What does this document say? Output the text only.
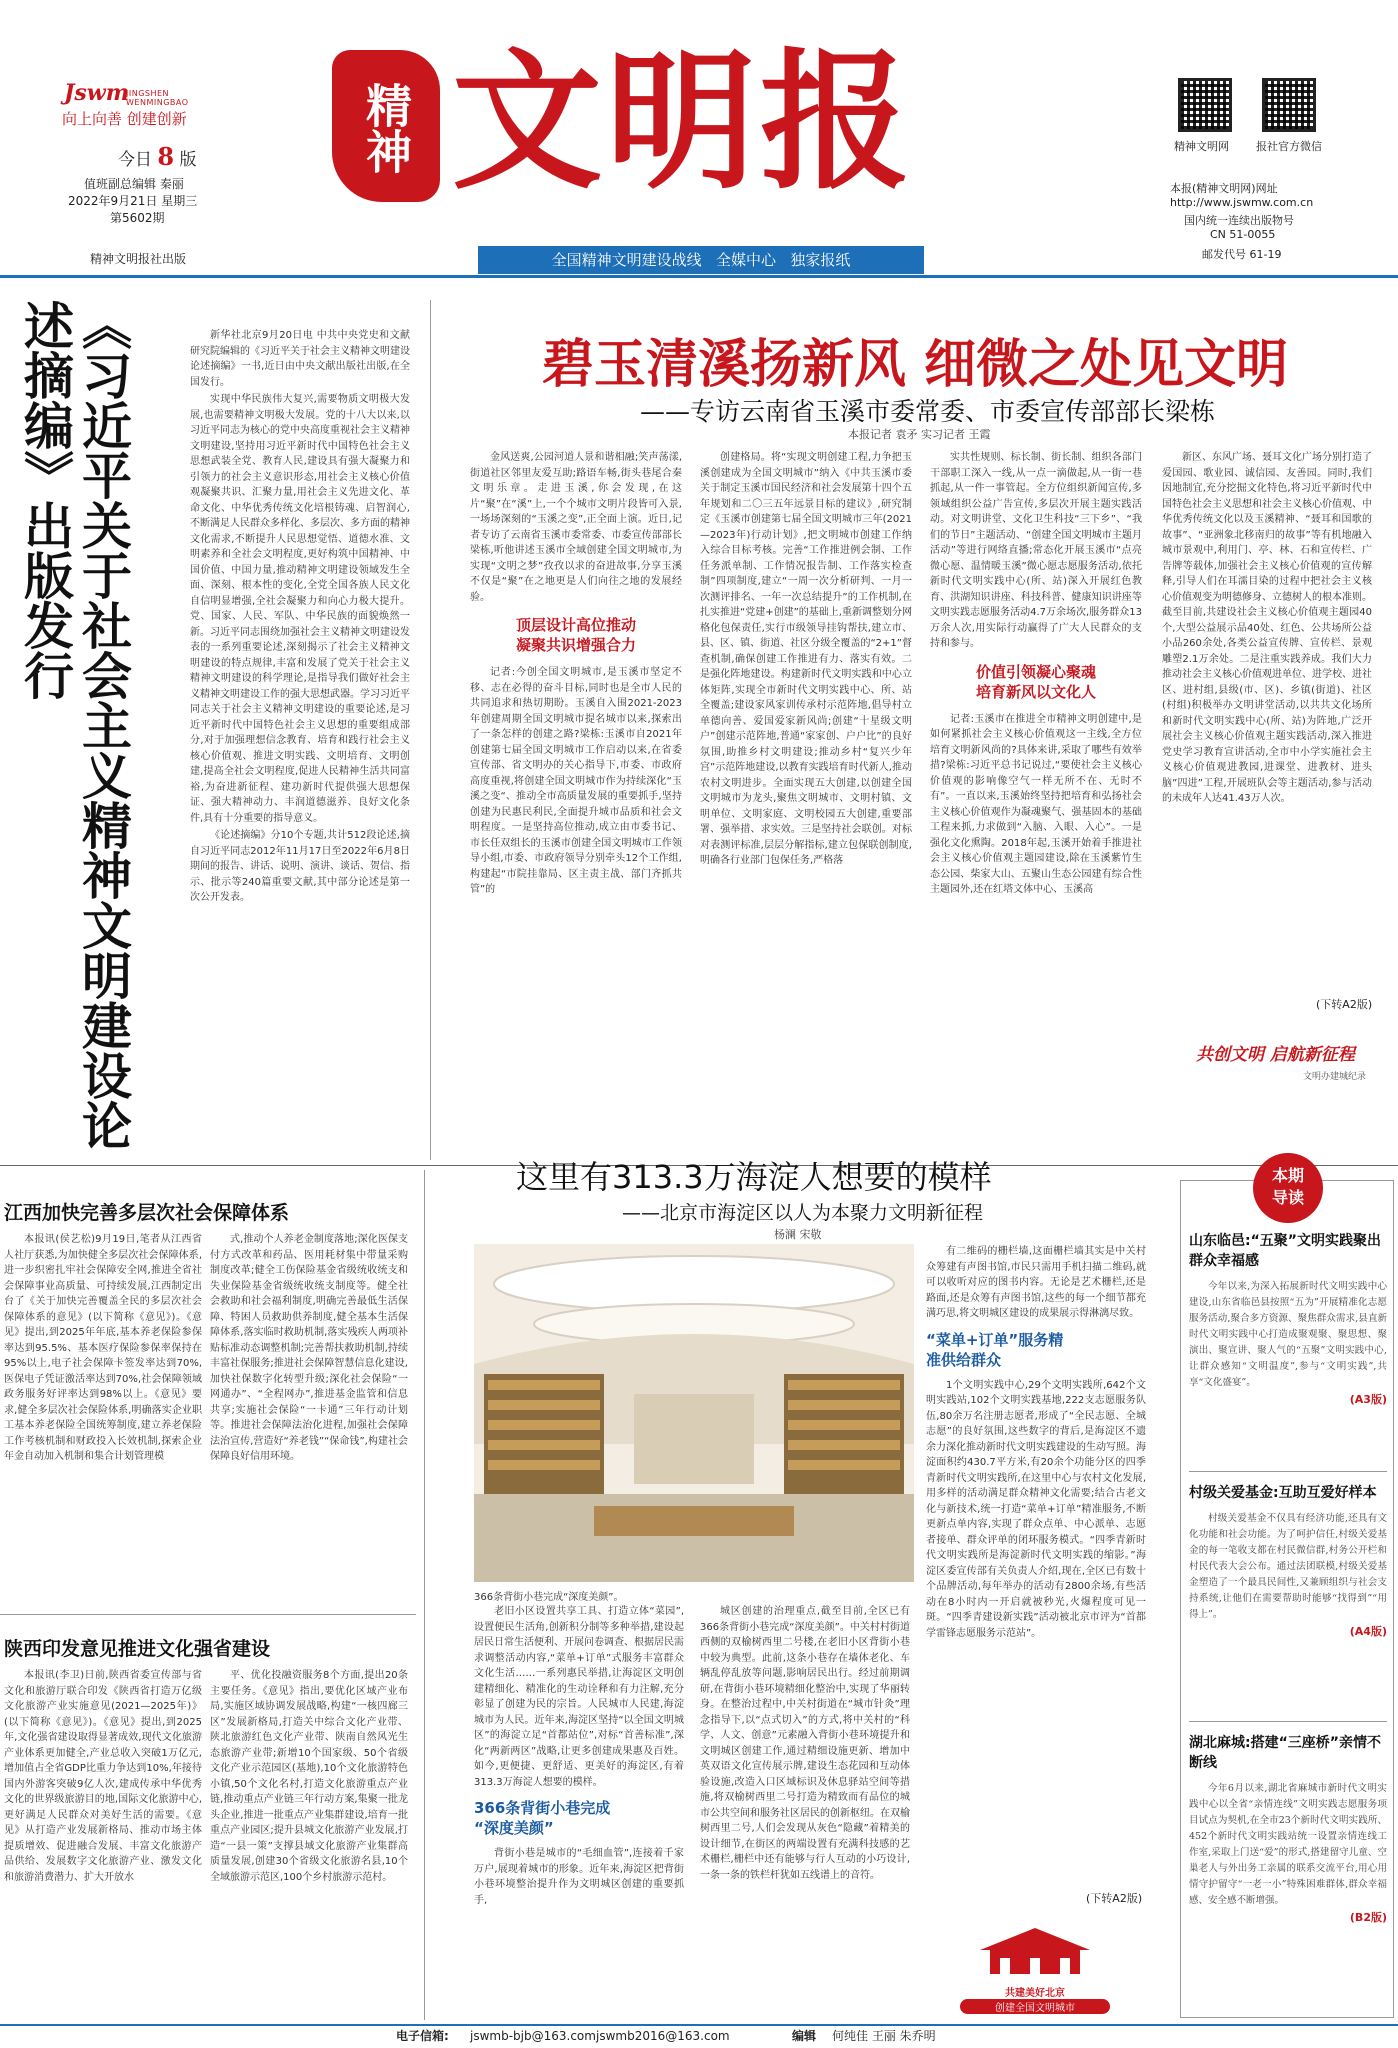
Jswm
JINGSHEN WENMINGBAO
向上向善 创建创新
今日 8 版
值班副总编辑 秦丽
2022年9月21日 星期三
第5602期
精神文明报社出版
精神 文明报
全国精神文明建设战线 全媒中心 独家报纸
精神文明网 报社官方微信
本报(精神文明网)网址
http://www.jswmw.com.cn
国内统一连续出版物号
CN 51-0055
邮发代号 61-19
《习近平关于社会主义精神文明建设论述摘编》出版发行	新华社北京9月20日电 中共中央党史和文献研究院编辑的《习近平关于社会主义精神文明建设论述摘编》一书,近日由中央文献出版社出版,在全国发行。

实现中华民族伟大复兴,需要物质文明极大发展,也需要精神文明极大发展。党的十八大以来,以习近平同志为核心的党中央高度重视社会主义精神文明建设,坚持用习近平新时代中国特色社会主义思想武装全党、教育人民,建设具有强大凝聚力和引领力的社会主义意识形态,用社会主义核心价值观凝聚共识、汇聚力量,用社会主义先进文化、革命文化、中华优秀传统文化培根铸魂、启智润心,不断满足人民群众多样化、多层次、多方面的精神文化需求,不断提升人民思想觉悟、道德水准、文明素养和全社会文明程度,更好构筑中国精神、中国价值、中国力量,推动精神文明建设领域发生全面、深刻、根本性的变化,全党全国各族人民文化自信明显增强,全社会凝聚力和向心力极大提升。党、国家、人民、军队、中华民族的面貌焕然一新。习近平同志围绕加强社会主义精神文明建设发表的一系列重要论述,深刻揭示了社会主义精神文明建设的特点规律,丰富和发展了党关于社会主义精神文明建设的科学理论,是指导我们做好社会主义精神文明建设工作的强大思想武器。学习习近平同志关于社会主义精神文明建设的重要论述,是习近平新时代中国特色社会主义思想的重要组成部分,对于加强理想信念教育、培育和践行社会主义核心价值观、推进文明实践、文明培育、文明创建,提高全社会文明程度,促进人民精神生活共同富裕,为奋进新征程、建功新时代提供强大思想保证、强大精神动力、丰润道德滋养、良好文化条件,具有十分重要的指导意义。

《论述摘编》分10个专题,共计512段论述,摘自习近平同志2012年11月17日至2022年6月8日期间的报告、讲话、说明、演讲、谈话、贺信、指示、批示等240篇重要文献,其中部分论述是第一次公开发表。

碧玉清溪扬新风 细微之处见文明
——专访云南省玉溪市委常委、市委宣传部部长梁栋
本报记者 袁矛 实习记者 王霞

金风送爽,公园河道人景和谐相融;笑声荡漾,街道社区邻里友爱互助;路语车畅,街头巷尾合秦文明乐章。走进玉溪,你会发现,在这片“聚”在“溪”上,一个个城市文明片段皆可入景,一场场深刻的“玉溪之变”,正全面上演。近日,记者专访了云南省玉溪市委常委、市委宣传部部长梁栋,听他讲述玉溪市全域创建全国文明城市,为实现“文明之梦”孜孜以求的奋进故事,分享玉溪不仅是“聚”在之地更是人们向往之地的发展经验。

顶层设计高位推动
凝聚共识增强合力

记者:今创全国文明城市,是玉溪市坚定不移、志在必得的奋斗目标,同时也是全市人民的共同追求和热切期盼。玉溪自入围2021-2023年创建周期全国文明城市提名城市以来,探索出了一条怎样的创建之路?梁栋:玉溪市自2021年创建第七届全国文明城市工作启动以来,在省委宣传部、省文明办的关心指导下,市委、市政府高度重视,将创建全国文明城市作为持续深化“玉溪之变“、推动全市高质量发展的重要抓手,坚持创建为民惠民利民,全面提升城市品质和社会文明程度。一是坚持高位推动,成立由市委书记、市长任双组长的玉溪市创建全国文明城市工作领导小组,市委、市政府领导分别牵头12个工作组,构建起“市院挂靠局、区主责主战、部门齐抓共管”的

创建格局。将“实现文明创建工程,力争把玉溪创建成为全国文明城市”纳入《中共玉溪市委关于制定玉溪市国民经济和社会发展第十四个五年规划和二〇三五年远景目标的建议》,研究制定《玉溪市创建第七届全国文明城市三年(2021—2023年)行动计划》,把文明城市创建工作纳入综合目标考核。完善“工作推进例会制、工作任务派单制、工作情况报告制、工作落实检查制”四项制度,建立“一周一次分析研判、一月一次测评排名、一年一次总结提升”的工作机制,在扎实推进“党建+创建”的基础上,重新调整划分网格化包保责任,实行市级领导挂钩帮扶,建立市、县、区、镇、街道、社区分级全覆盖的“2+1”督查机制,确保创建工作推进有力、落实有效。二是强化阵地建设。构建新时代文明实践和中心立体矩阵,实现全市新时代文明实践中心、所、站全覆盖;建设家风家训传承村示范阵地,倡导村立单德向善、爱国爱家新风尚;创建“十星级文明户”创建示范阵地,普通“家家创、户户比”的良好氛围,助推乡村文明建设;推动乡村“复兴少年宫”示范阵地建设,以教育实践培育时代新人,推动农村文明进步。全面实现五大创建,以创建全国文明城市为龙头,聚焦文明城市、文明村镇、文明单位、文明家庭、文明校园五大创建,重要部署、强举措、求实效。三是坚持社会联创。对标对表测评标准,层层分解指标,建立包保联创制度,明确各行业部门包保任务,严格落

实共性规则、标长制、街长制、组织各部门干部职工深入一线,从一点一滴做起,从一街一巷抓起,从一件一事管起。全方位组织新闻宣传,多领域组织公益广告宣传,多层次开展主题实践活动。对文明讲堂、文化卫生科技“三下乡”、“我们的节日”主题活动、“创建全国文明城市主题月活动”等进行网络直播;常态化开展玉溪市“点亮微心愿、温情暖玉溪”微心愿志愿服务活动,依托新时代文明实践中心(所、站)深入开展红色教育、洪湖知识讲座、科技科普、健康知识讲座等文明实践志愿服务活动4.7万余场次,服务群众13万余人次,用实际行动赢得了广大人民群众的支持和参与。

价值引领凝心聚魂
培育新风以文化人

记者:玉溪市在推进全市精神文明创建中,是如何紧抓社会主义核心价值观这一主线,全方位培育文明新风尚的?具体来讲,采取了哪些有效举措?梁栋:习近平总书记说过,“要使社会主义核心价值观的影响像空气一样无所不在、无时不有”。一直以来,玉溪始终坚持把培育和弘扬社会主义核心价值观作为凝魂聚气、强基固本的基础工程来抓,力求做到“入脑、入眼、入心”。一是强化文化熏陶。2018年起,玉溪开始着手推进社会主义核心价值观主题园建设,除在玉溪紫竹生态公园、柴家大山、五聚山生态公园建有综合性主题园外,还在红塔文体中心、玉溪高

新区、东风广场、聂耳文化广场分别打造了爱国园、歌业园、诚信园、友善园。同时,我们因地制宜,充分挖掘文化特色,将习近平新时代中国特色社会主义思想和社会主义核心价值观、中华优秀传统文化以及玉溪精神、“聂耳和国歌的故事”、“亚洲象北移南归的故事”等有机地融入城市景观中,利用门、亭、林、石和宣传栏、广告牌等载体,加强社会主义核心价值观的宣传解释,引导人们在耳濡目染的过程中把社会主义核心价值观变为明德修身、立德树人的根本准则。截至目前,共建设社会主义核心价值观主题园40个,大型公益展示品40处、红色、公共场所公益小品260余处,各类公益宣传牌、宣传栏、景观雕塑2.1万余处。二是注重实践养成。我们大力推动社会主义核心价值观进单位、进学校、进社区、进村组,县级(市、区)、乡镇(街道)、社区(村组)积极举办文明讲堂活动,以共共文化场所和新时代文明实践中心(所、站)为阵地,广泛开展社会主义核心价值观主题实践活动,深入推进党史学习教育宣讲活动,全市中小学实施社会主义核心价值观进教园,进课堂、进教材、进头脑”四进”工程,开展班队会等主题活动,参与活动的未成年人达41.43万人次。

(下转A2版)
共创文明 启航新征程
文明办建城纪录
江西加快完善多层次社会保障体系

本报讯(侯艺松)9月19日,笔者从江西省人社厅获悉,为加快健全多层次社会保障体系,进一步织密扎牢社会保障安全网,推进全省社会保障事业高质量、可持续发展,江西制定出台了《关于加快完善覆盖全民的多层次社会保障体系的意见》(以下简称《意见》)。《意见》提出,到2025年年底,基本养老保险参保率达到95.5%、基本医疗保险参保率保持在95%以上,电子社会保障卡签发率达到70%,医保电子凭证激活率达到70%,社会保障领域政务服务好评率达到98%以上。《意见》要求,健全多层次社会保险体系,明确落实企业职工基本养老保险全国统筹制度,建立养老保险工作考核机制和财政投入长效机制,探索企业年金自动加入机制和集合计划管理模

式,推动个人养老金制度落地;深化医保支付方式改革和药品、医用耗材集中带量采购制度改革;健全工伤保险基金省级统收统支和失业保险基金省级统收统支制度等。健全社会救助和社会福利制度,明确完善最低生活保障、特困人员救助供养制度,健全基本生活保障体系,落实临时救助机制,落实残疾人两项补贴标准动态调整机制;完善帮扶救助机制,持续丰富社保服务;推进社会保障智慧信息化建设,加快社保数字化转型升级;深化社会保险“一网通办”、“全程网办”,推进基金监管和信息共享;实施社会保险“一卡通”三年行动计划等。推进社会保障法治化进程,加强社会保障法治宣传,营造好“养老钱”“保命钱”,构建社会保障良好信用环境。

陕西印发意见推进文化强省建设

本报讯(李卫)日前,陕西省委宣传部与省文化和旅游厅联合印发《陕西省打造万亿级文化旅游产业实施意见(2021—2025年)》(以下简称《意见》)。《意见》提出,到2025年,文化强省建设取得显著成效,现代文化旅游产业体系更加健全,产业总收入突破1万亿元,增加值占全省GDP比重力争达到10%,年接待国内外游客突破9亿人次,建成传承中华优秀文化的世界级旅游目的地,国际文化旅游中心,更好满足人民群众对美好生活的需要。《意见》从打造产业发展新格局、推动市场主体提质增效、促进融合发展、丰富文化旅游产品供给、发展数字文化旅游产业、激发文化和旅游消费潜力、扩大开放水

平、优化投融资服务8个方面,提出20条主要任务。《意见》指出,要优化区域产业布局,实施区域协调发展战略,构建“一核四廊三区”发展新格局,打造关中综合文化产业带、陕北旅游红色文化产业带、陕南自然风光生态旅游产业带;新增10个国家级、50个省级文化产业示范园区(基地),10个文化旅游特色小镇,50个文化名村,打造文化旅游重点产业链,推动重点产业链三年行动方案,集聚一批龙头企业,推进一批重点产业集群建设,培育一批重点产业园区;提升县城文化旅游产业发展,打造“一县一策”支撑县域文化旅游产业集群高质量发展,创建30个省级文化旅游名县,10个全域旅游示范区,100个乡村旅游示范村。

这里有313.3万海淀人想要的模样
——北京市海淀区以人为本聚力文明新征程
杨澜 宋敬
366条背街小巷完成“深度美颜”。

老旧小区设置共享工具、打造立体“菜园”,设置便民生活角,创新积分制等多种举措,建设起居民日常生活便利、开展问卷调查、根据居民需求调整活动内容,“菜单+订单”式服务丰富群众文化生活……一系列惠民举措,让海淀区文明创建精细化、精准化的生动诠释和有力注解,充分彰显了创建为民的宗旨。人民城市人民建,海淀城市为人民。近年来,海淀区坚持“以全国文明城区”的海淀立足“首都站位”,对标“首善标准”,深化“两新两区”战略,让更多创建成果惠及百姓。如今,更便捷、更舒适、更美好的海淀区,有着313.3万海淀人想要的模样。

366条背街小巷完成
“深度美颜”

背街小巷是城市的“毛细血管”,连接着千家万户,展现着城市的形象。近年来,海淀区把背街小巷环境整治提升作为文明城区创建的重要抓手,

城区创建的治理重点,截至目前,全区已有366条背街小巷完成“深度美颜”。中关村村街道西侧的双榆树西里二号楼,在老旧小区背街小巷中较为典型。此前,这条小巷存在墙体老化、车辆乱停乱放等问题,影响居民出行。经过前期调研,在背街小巷环境精细化整治中,实现了华丽转身。在整治过程中,中关村街道在“城市针灸”理念指导下,以“点式切入”的方式,将中关村的“科学、人文、创意”元素融入背街小巷环境提升和文明城区创建工作,通过精细设施更新、增加中英双语文化宣传展示牌,建设生态花园和互动体验设施,改造入口区域标识及休息驿站空间等措施,将双榆树西里二号打造为精致而有品位的城市公共空间和服务社区居民的创新枢纽。在双榆树西里二号,人们会发现从灰色“隐藏”着精美的设计细节,在街区的两端设置有充满科技感的艺术栅栏,栅栏中还有能够与行人互动的小巧设计,一条一条的铁栏杆犹如五线谱上的音符。

有二维码的栅栏墙,这面栅栏墙其实是中关村众筹建有声图书馆,市民只需用手机扫描二维码,就可以收听对应的图书内容。无论是艺术栅栏,还是路面,还是众筹有声图书馆,这些的每一个细节都充满巧思,将文明城区建设的成果展示得淋漓尽致。

“菜单+订单”服务精
准供给群众

1个文明实践中心,29个文明实践所,642个文明实践站,102个文明实践基地,222支志愿服务队伍,80余万名注册志愿者,形成了“全民志愿、全城志愿”的良好氛围,这些数字的背后,是海淀区不遗余力深化推动新时代文明实践建设的生动写照。海淀面积约430.7平方米,有20余个功能分区的四季青新时代文明实践所,在这里中心与农村文化发展,用多样的活动满足群众精神文化需要;结合古老文化与新技术,统一打造“菜单+订单”精准服务,不断更新点单内容,实现了群众点单、中心派单、志愿者接单、群众评单的闭环服务模式。“四季青新时代文明实践所是海淀新时代文明实践的缩影。”海淀区委宣传部有关负责人介绍,现在,全区已有数十个品牌活动,每年举办的活动有2800余场,有些活动在8小时内一开启就被秒光,火爆程度可见一斑。“四季青建设新实践”活动被北京市评为“首都学雷锋志愿服务示范站”。

(下转A2版)
共建美好北京
创建全国文明城市
本期
导读
山东临邑:“五聚”文明实践聚出群众幸福感
今年以来,为深入拓展新时代文明实践中心建设,山东省临邑县按照“五为”开展精准化志愿服务活动,聚合多方资源、聚焦群众需求,县直新时代文明实践中心打造成聚观聚、聚思想、聚演出、聚宣讲、聚人气的“五聚”文明实践中心,让群众感知“文明温度”,参与“文明实践”,共享“文化盛宴”。
(A3版)
村级关爱基金:互助互爱好样本
村级关爱基金不仅具有经济功能,还具有文化功能和社会功能。为了呵护信任,村级关爱基金的每一笔收支都在村民微信群,村务公开栏和村民代表大会公布。通过法团联模,村级关爱基金塑造了一个最具民间性,又兼顾组织与社会支持系统,让他们在需要帮助时能够“找得到”“用得上”。
(A4版)
湖北麻城:搭建“三座桥”亲情不断线
今年6月以来,湖北省麻城市新时代文明实践中心以全省“亲情连线”文明实践志愿服务项目试点为契机,在全市23个新时代文明实践所、452个新时代文明实践站统一设置亲情连线工作室,采取上门送“爱”的形式,搭建留守儿童、空巢老人与外出务工亲属的联系交流平台,用心用情守护留守“一老一小”特殊困难群体,群众幸福感、安全感不断增强。
(B2版)
电子信箱: jswmb-bjb@163.com jswmb2016@163.com	编辑 何纯佳 王丽 朱乔明
